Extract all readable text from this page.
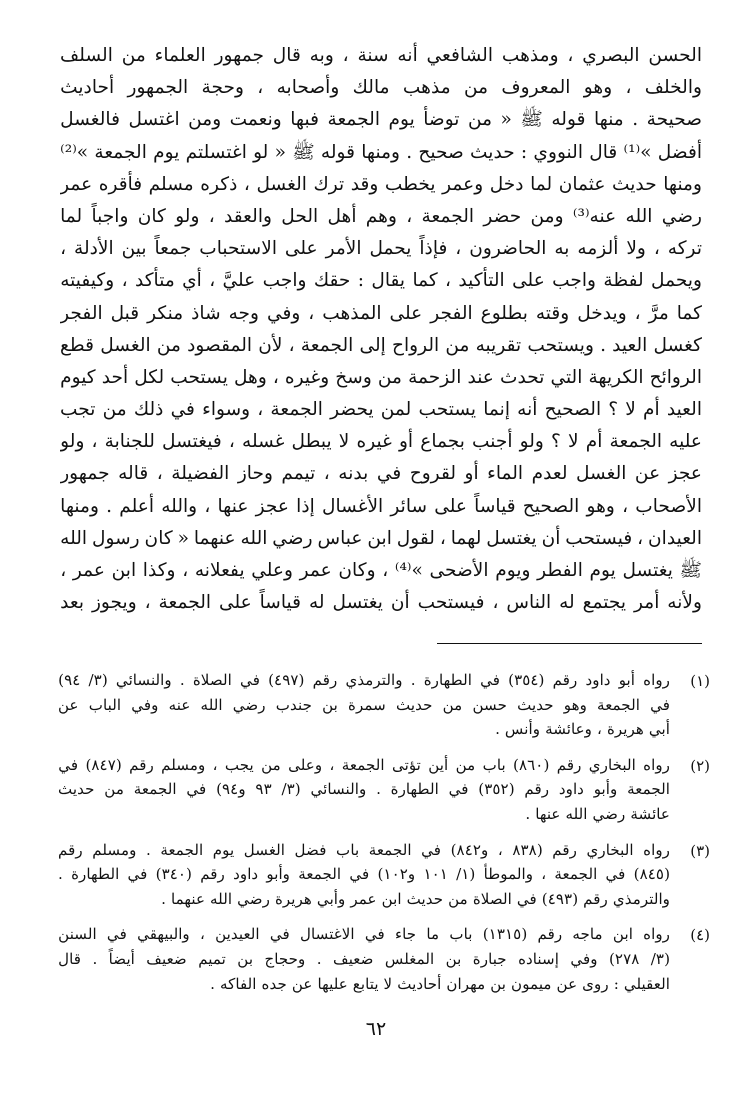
الحسن
البصري
،
ومذهب
الشافعي
أنه
سنة
،
وبه
قال
جمهور
العلماء
من
السلف
والخلف
،
وهو
المعروف
من
مذهب
مالك
وأصحابه
،
وحجة
الجمهور
أحاديث
صحيحة
.
منها
قوله
ﷺ
«
من
توضأ
يوم
الجمعة
فبها
ونعمت
ومن
اغتسل
فالغسل
أفضل
»⁽¹⁾
قال
النووي
:
حديث
صحيح
.
ومنها
قوله
ﷺ
«
لو
اغتسلتم
يوم
الجمعة
»⁽²⁾
ومنها
حديث
عثمان
لما
دخل
وعمر
يخطب
وقد
ترك
الغسل
،
ذكره
مسلم
فأقره
عمر
رضي
الله
عنه⁽³⁾
ومن
حضر
الجمعة
،
وهم
أهل
الحل
والعقد
،
ولو
كان
واجباً
لما
تركه
،
ولا
ألزمه
به
الحاضرون
،
فإذاً
يحمل
الأمر
على
الاستحباب
جمعاً
بين
الأدلة
،
ويحمل
لفظة
واجب
على
التأكيد
،
كما
يقال
:
حقك
واجب
عليَّ
،
أي
متأكد
،
وكيفيته
كما
مرَّ
،
ويدخل
وقته
بطلوع
الفجر
على
المذهب
،
وفي
وجه
شاذ
منكر
قبل
الفجر
كغسل
العيد
.
ويستحب
تقريبه
من
الرواح
إلى
الجمعة
،
لأن
المقصود
من
الغسل
قطع
الروائح
الكريهة
التي
تحدث
عند
الزحمة
من
وسخ
وغيره
،
وهل
يستحب
لكل
أحد
كيوم
العيد
أم
لا
؟
الصحيح
أنه
إنما
يستحب
لمن
يحضر
الجمعة
،
وسواء
في
ذلك
من
تجب
عليه
الجمعة
أم
لا
؟
ولو
أجنب
بجماع
أو
غيره
لا
يبطل
غسله
،
فيغتسل
للجنابة
،
ولو
عجز
عن
الغسل
لعدم
الماء
أو
لقروح
في
بدنه
،
تيمم
وحاز
الفضيلة
،
قاله
جمهور
الأصحاب
،
وهو
الصحيح
قياساً
على
سائر
الأغسال
إذا
عجز
عنها
،
والله
أعلم
.
ومنها
العيدان
،
فيستحب
أن
يغتسل
لهما
،
لقول
ابن
عباس
رضي
الله
عنهما
«
كان
رسول
الله
ﷺ
يغتسل
يوم
الفطر
ويوم
الأضحى
»⁽⁴⁾
،
وكان
عمر
وعلي
يفعلانه
،
وكذا
ابن
عمر
،
ولأنه
أمر
يجتمع
له
الناس
،
فيستحب
أن
يغتسل
له
قياساً
على
الجمعة
،
ويجوز
بعد
(١)
رواه
أبو
داود
رقم
(٣٥٤)
في
الطهارة
.
والترمذي
رقم
(٤٩٧)
في
الصلاة
.
والنسائي
(٣/
٩٤)
في
الجمعة
وهو
حديث
حسن
من
حديث
سمرة
بن
جندب
رضي
الله
عنه
وفي
الباب
عن
أبي
هريرة
،
وعائشة
وأنس
.
(٢)
رواه
البخاري
رقم
(٨٦٠)
باب
من
أين
تؤتى
الجمعة
،
وعلى
من
يجب
،
ومسلم
رقم
(٨٤٧)
في
الجمعة
وأبو
داود
رقم
(٣٥٢)
في
الطهارة
.
والنسائي
(٣/
٩٣
و٩٤)
في
الجمعة
من
حديث
عائشة
رضي
الله
عنها
.
(٣)
رواه
البخاري
رقم
(٨٣٨
،
و٨٤٢)
في
الجمعة
باب
فضل
الغسل
يوم
الجمعة
.
ومسلم
رقم
(٨٤٥)
في
الجمعة
،
والموطأ
(١/
١٠١
و١٠٢)
في
الجمعة
وأبو
داود
رقم
(٣٤٠)
في
الطهارة
.
والترمذي
رقم
(٤٩٣)
في
الصلاة
من
حديث
ابن
عمر
وأبي
هريرة
رضي
الله
عنهما
.
(٤)
رواه
ابن
ماجه
رقم
(١٣١٥)
باب
ما
جاء
في
الاغتسال
في
العيدين
،
والبيهقي
في
السنن
(٣/
٢٧٨)
وفي
إسناده
جبارة
بن
المغلس
ضعيف
.
وحجاج
بن
تميم
ضعيف
أيضاً
.
قال
العقيلي
:
روى
عن
ميمون
بن
مهران
أحاديث
لا
يتابع
عليها
عن
جده
الفاكه
.
٦٢
